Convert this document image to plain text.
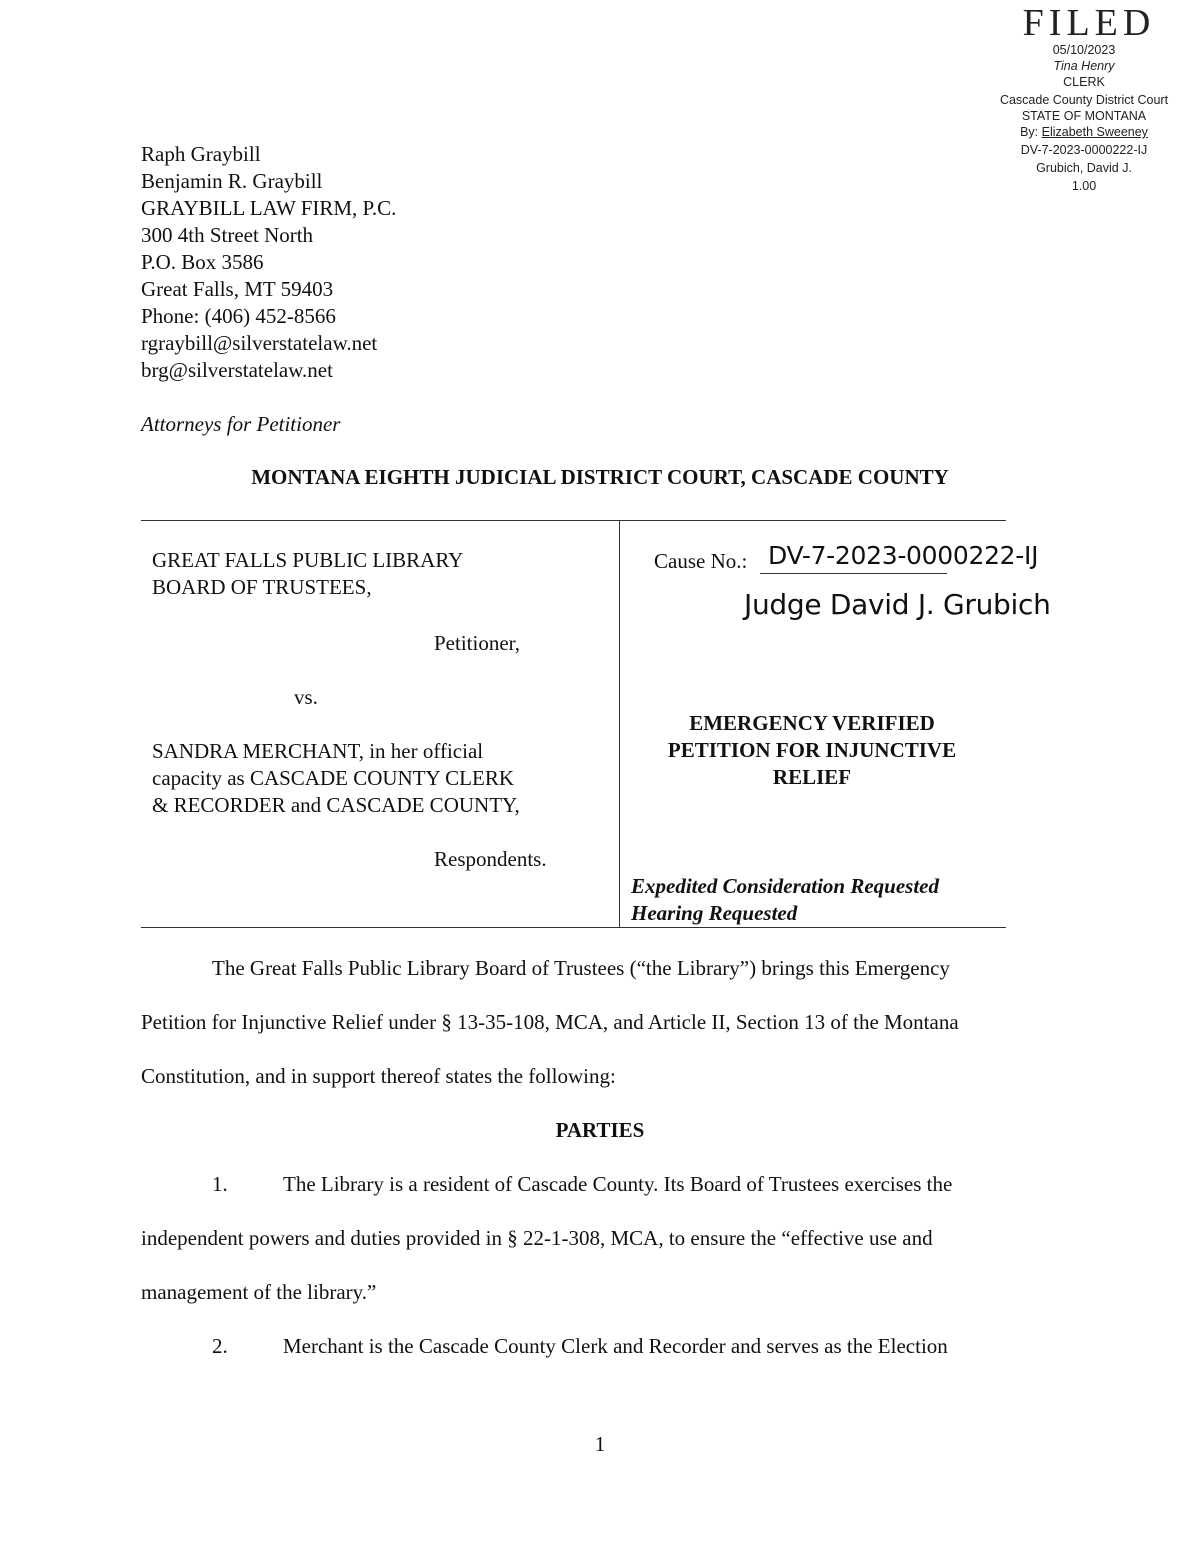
FILED
05/10/2023
Tina Henry
CLERK
Cascade County District Court
STATE OF MONTANA
By: Elizabeth Sweeney
DV-7-2023-0000222-IJ
Grubich, David J.
1.00
Raph Graybill
Benjamin R. Graybill
GRAYBILL LAW FIRM, P.C.
300 4th Street North
P.O. Box 3586
Great Falls, MT 59403
Phone: (406) 452-8566
rgraybill@silverstatelaw.net
brg@silverstatelaw.net
Attorneys for Petitioner
MONTANA EIGHTH JUDICIAL DISTRICT COURT, CASCADE COUNTY
GREAT FALLS PUBLIC LIBRARY
BOARD OF TRUSTEES,
Petitioner,
vs.
SANDRA MERCHANT, in her official
capacity as CASCADE COUNTY CLERK
& RECORDER and CASCADE COUNTY,
Respondents.
Cause No.: DV-7-2023-0000222-IJ
Judge David J. Grubich
EMERGENCY VERIFIED
PETITION FOR INJUNCTIVE
RELIEF
Expedited Consideration Requested
Hearing Requested
The Great Falls Public Library Board of Trustees (“the Library”) brings this Emergency
Petition for Injunctive Relief under § 13-35-108, MCA, and Article II, Section 13 of the Montana
Constitution, and in support thereof states the following:
PARTIES
1.	The Library is a resident of Cascade County. Its Board of Trustees exercises the
independent powers and duties provided in § 22-1-308, MCA, to ensure the “effective use and
management of the library.”
2.	Merchant is the Cascade County Clerk and Recorder and serves as the Election
1
